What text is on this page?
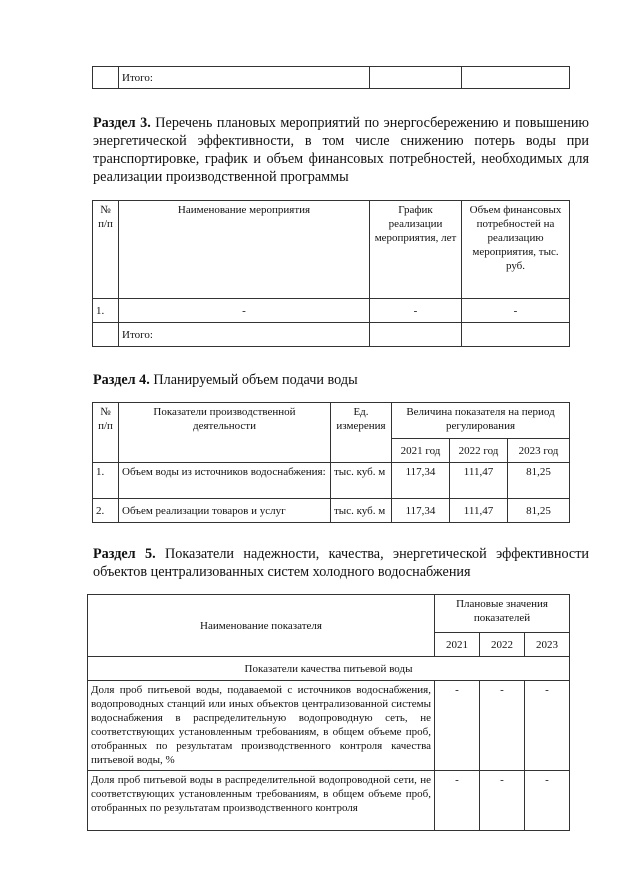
	Итого:		

Раздел 3. Перечень плановых мероприятий по энергосбережению и повышению энергетической эффективности, в том числе снижению потерь воды при транспортировке, график и объем финансовых потребностей, необходимых для реализации производственной программы

№ п/п	Наименование мероприятия	График реализации мероприятия, лет	Объем финансовых потребностей на реализацию мероприятия, тыс. руб.
1.	-	-	-
	Итого:		

Раздел 4. Планируемый объем подачи воды

№ п/п	Показатели производственной деятельности	Ед. измерения	Величина показателя на период регулирования		
			2021 год	2022 год	2023 год
1.	Объем воды из источников водоснабжения:	тыс. куб. м	117,34	111,47	81,25
2.	Объем реализации товаров и услуг	тыс. куб. м	117,34	111,47	81,25

Раздел 5. Показатели надежности, качества, энергетической эффективности объектов централизованных систем холодного водоснабжения

Наименование показателя	Плановые значения показателей		
	2021	2022	2023
Показатели качества питьевой воды			
Доля проб питьевой воды, подаваемой с источников водоснабжения, водопроводных станций или иных объектов централизованной системы водоснабжения в распределительную водопроводную сеть, не соответствующих установленным требованиям, в общем объеме проб, отобранных по результатам производственного контроля качества питьевой воды, %	-	-	-
Доля проб питьевой воды в распределительной водопроводной сети, не соответствующих установленным требованиям, в общем объеме проб, отобранных по результатам производственного контроля	-	-	-
